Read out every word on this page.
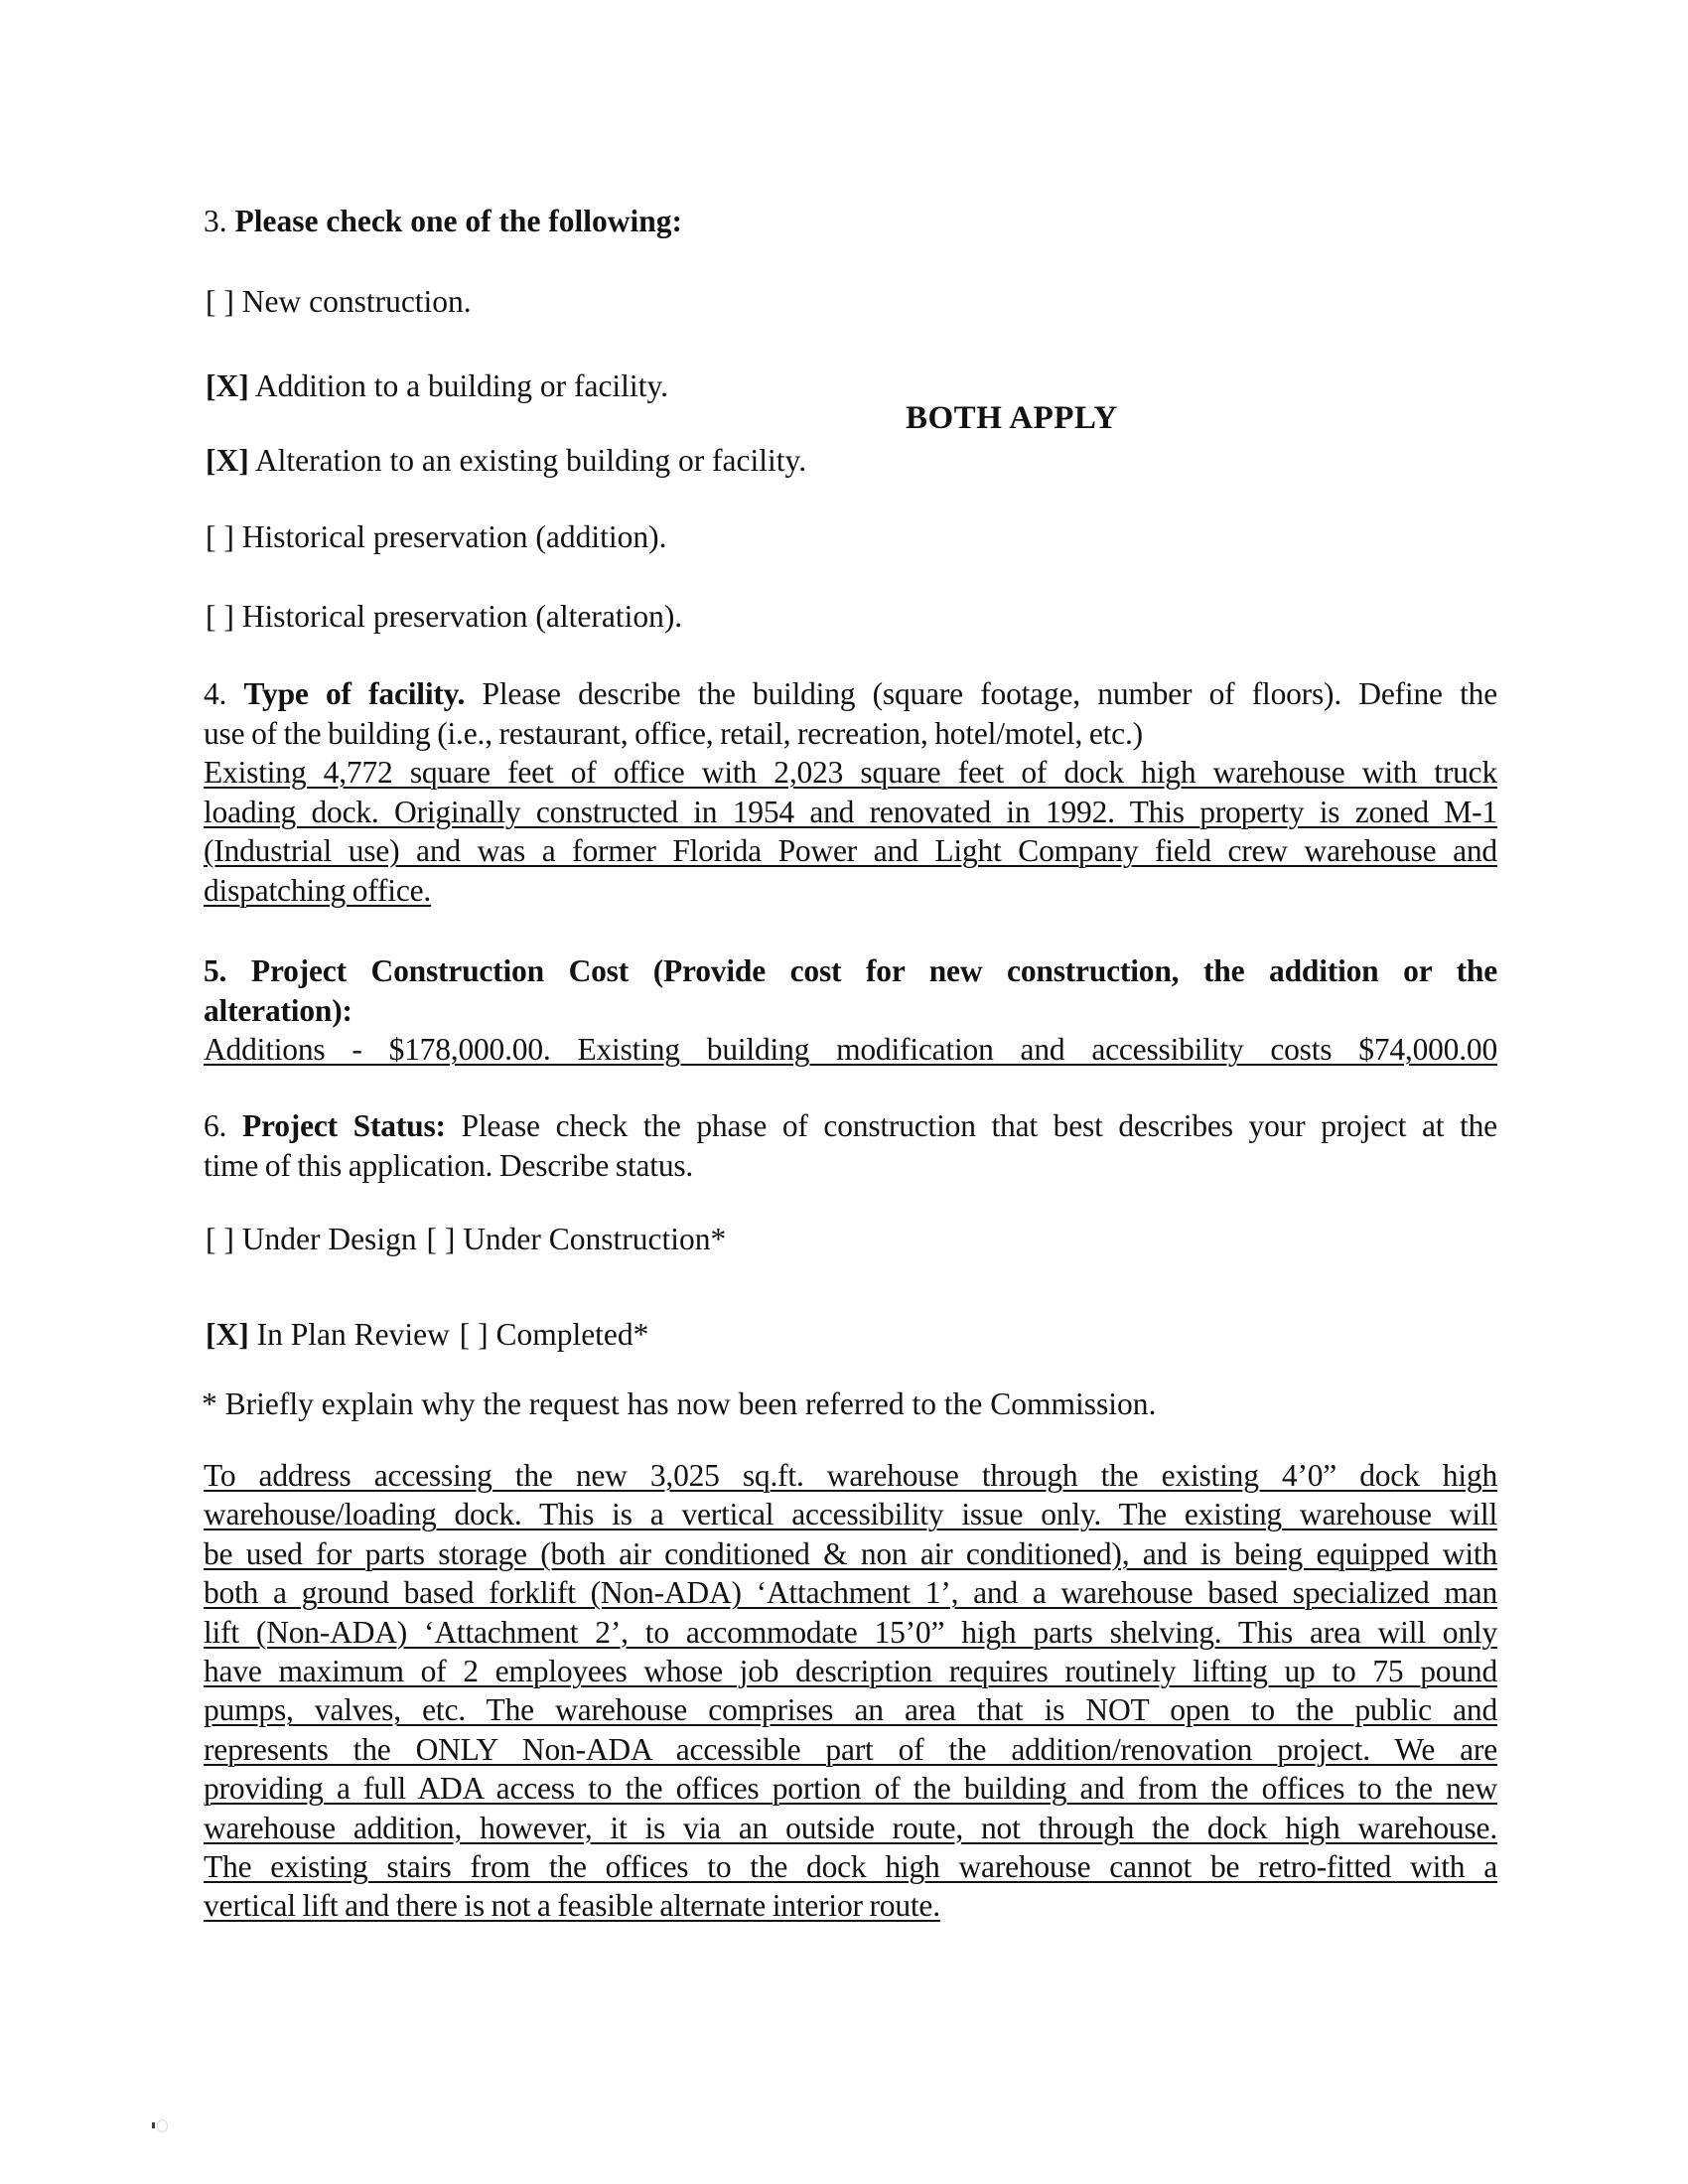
3. Please check one of the following:
[ ] New construction.
[X] Addition to a building or facility.
BOTH APPLY
[X] Alteration to an existing building or facility.
[ ] Historical preservation (addition).
[ ] Historical preservation (alteration).
4. Type of facility. Please describe the building (square footage, number of floors). Define the
use of the building (i.e., restaurant, office, retail, recreation, hotel/motel, etc.)
Existing 4,772 square feet of office with 2,023 square feet of dock high warehouse with truck
loading dock. Originally constructed in 1954 and renovated in 1992. This property is zoned M-1
(Industrial use) and was a former Florida Power and Light Company field crew warehouse and
dispatching office.
5. Project Construction Cost (Provide cost for new construction, the addition or the
alteration):
Additions - $178,000.00. Existing building modification and accessibility costs $74,000.00
6. Project Status: Please check the phase of construction that best describes your project at the
time of this application. Describe status.
[ ] Under Design [ ] Under Construction*
[X] In Plan Review [ ] Completed*
* Briefly explain why the request has now been referred to the Commission.
To address accessing the new 3,025 sq.ft. warehouse through the existing 4’0” dock high
warehouse/loading dock. This is a vertical accessibility issue only. The existing warehouse will
be used for parts storage (both air conditioned & non air conditioned), and is being equipped with
both a ground based forklift (Non-ADA) ‘Attachment 1’, and a warehouse based specialized man
lift (Non-ADA) ‘Attachment 2’, to accommodate 15’0” high parts shelving. This area will only
have maximum of 2 employees whose job description requires routinely lifting up to 75 pound
pumps, valves, etc. The warehouse comprises an area that is NOT open to the public and
represents the ONLY Non-ADA accessible part of the addition/renovation project. We are
providing a full ADA access to the offices portion of the building and from the offices to the new
warehouse addition, however, it is via an outside route, not through the dock high warehouse.
The existing stairs from the offices to the dock high warehouse cannot be retro-fitted with a
vertical lift and there is not a feasible alternate interior route.
